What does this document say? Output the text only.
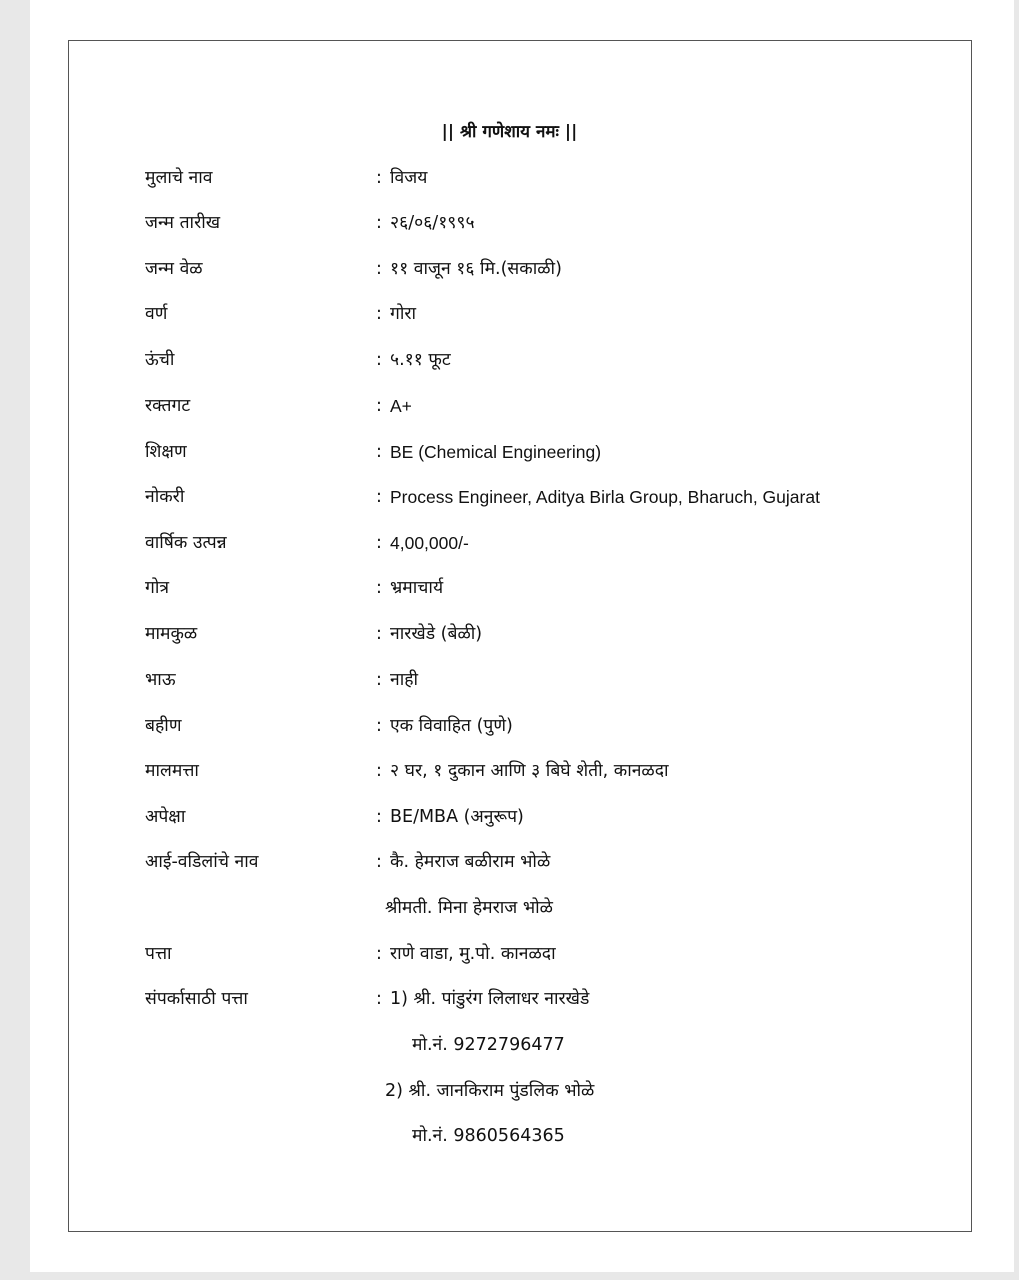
|| श्री गणेशाय नमः ||
मुलाचे नाव	: विजय
जन्म तारीख	: २६/०६/१९९५
जन्म वेळ	: ११ वाजून १६ मि.(सकाळी)
वर्ण	: गोरा
ऊंची	: ५.११ फूट
रक्तगट	: A+
शिक्षण	: BE (Chemical Engineering)
नोकरी	: Process Engineer, Aditya Birla Group, Bharuch, Gujarat
वार्षिक उत्पन्न	: 4,00,000/-
गोत्र	: भ्रमाचार्य
मामकुळ	: नारखेडे (बेळी)
भाऊ	: नाही
बहीण	: एक विवाहित (पुणे)
मालमत्ता	: २ घर, १ दुकान आणि ३ बिघे शेती, कानळदा
अपेक्षा	: BE/MBA (अनुरूप)
आई-वडिलांचे नाव	: कै. हेमराज बळीराम भोळे
श्रीमती. मिना हेमराज भोळे
पत्ता	: राणे वाडा, मु.पो. कानळदा
संपर्कासाठी पत्ता	: 1) श्री. पांडुरंग लिलाधर नारखेडे
मो.नं. 9272796477
2) श्री. जानकिराम पुंडलिक भोळे
मो.नं. 9860564365
